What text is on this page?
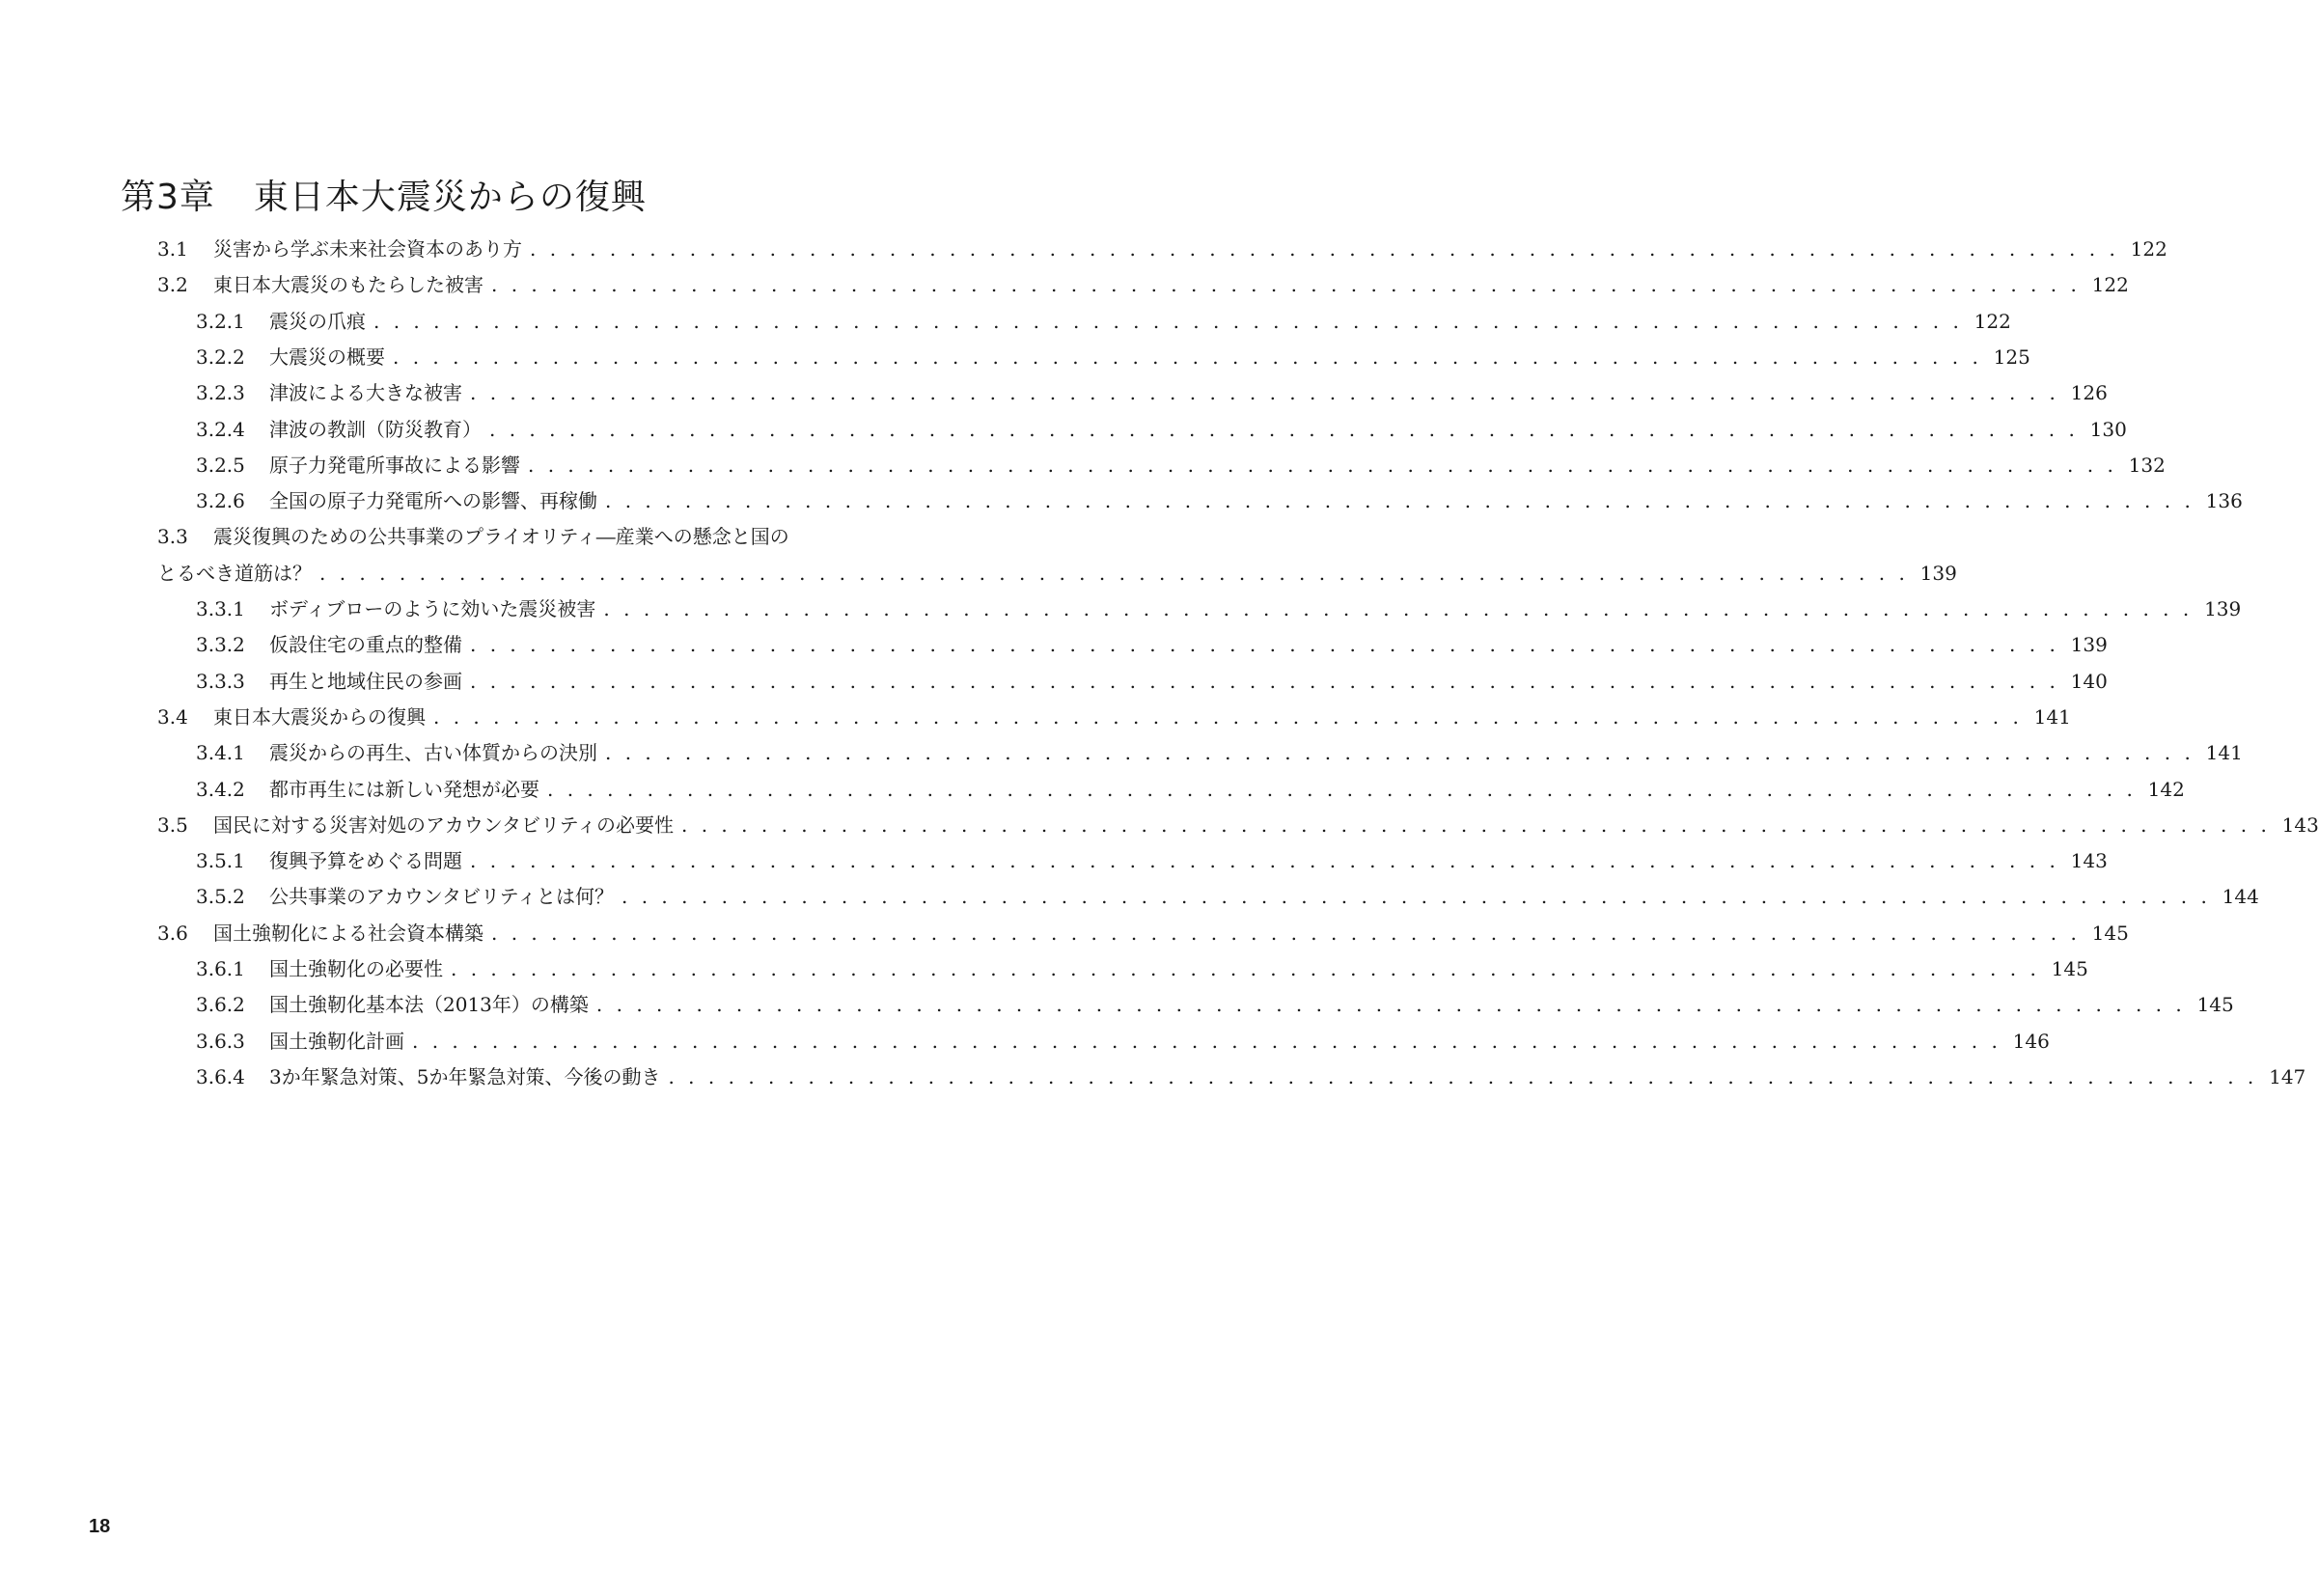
第3章 東日本大震災からの復興
3.1 災害から学ぶ未来社会資本のあり方 . . . . . . . . . . . . . . . . . . . . . . . . . . . . . . . . . . . . . . . . . . . . . . . . . . . . . . . . . . . . . . . . . . . . . . . . . . . . . . . . 122
3.2 東日本大震災のもたらした被害 . . . . . . . . . . . . . . . . . . . . . . . . . . . . . . . . . . . . . . . . . . . . . . . . . . . . . . . . . . . . . . . . . . . . . . . . . . . . . . . . 122
3.2.1 震災の爪痕 . . . . . . . . . . . . . . . . . . . . . . . . . . . . . . . . . . . . . . . . . . . . . . . . . . . . . . . . . . . . . . . . . . . . . . . . . . . . . . . . 122
3.2.2 大震災の概要 . . . . . . . . . . . . . . . . . . . . . . . . . . . . . . . . . . . . . . . . . . . . . . . . . . . . . . . . . . . . . . . . . . . . . . . . . . . . . . . . 125
3.2.3 津波による大きな被害 . . . . . . . . . . . . . . . . . . . . . . . . . . . . . . . . . . . . . . . . . . . . . . . . . . . . . . . . . . . . . . . . . . . . . . . . . . . . . . . . 126
3.2.4 津波の教訓（防災教育） . . . . . . . . . . . . . . . . . . . . . . . . . . . . . . . . . . . . . . . . . . . . . . . . . . . . . . . . . . . . . . . . . . . . . . . . . . . . . . . . 130
3.2.5 原子力発電所事故による影響 . . . . . . . . . . . . . . . . . . . . . . . . . . . . . . . . . . . . . . . . . . . . . . . . . . . . . . . . . . . . . . . . . . . . . . . . . . . . . . . . 132
3.2.6 全国の原子力発電所への影響、再稼働 . . . . . . . . . . . . . . . . . . . . . . . . . . . . . . . . . . . . . . . . . . . . . . . . . . . . . . . . . . . . . . . . . . . . . . . . . . . . . . . . 136
3.3	震災復興のための公共事業のプライオリティ―産業への懸念と国の
とるべき道筋は？ . . . . . . . . . . . . . . . . . . . . . . . . . . . . . . . . . . . . . . . . . . . . . . . . . . . . . . . . . . . . . . . . . . . . . . . . . . . . . . . . 139
3.3.1 ボディブローのように効いた震災被害 . . . . . . . . . . . . . . . . . . . . . . . . . . . . . . . . . . . . . . . . . . . . . . . . . . . . . . . . . . . . . . . . . . . . . . . . . . . . . . . . 139
3.3.2 仮設住宅の重点的整備 . . . . . . . . . . . . . . . . . . . . . . . . . . . . . . . . . . . . . . . . . . . . . . . . . . . . . . . . . . . . . . . . . . . . . . . . . . . . . . . . 139
3.3.3 再生と地域住民の参画 . . . . . . . . . . . . . . . . . . . . . . . . . . . . . . . . . . . . . . . . . . . . . . . . . . . . . . . . . . . . . . . . . . . . . . . . . . . . . . . . 140
3.4 東日本大震災からの復興 . . . . . . . . . . . . . . . . . . . . . . . . . . . . . . . . . . . . . . . . . . . . . . . . . . . . . . . . . . . . . . . . . . . . . . . . . . . . . . . . 141
3.4.1 震災からの再生、古い体質からの決別 . . . . . . . . . . . . . . . . . . . . . . . . . . . . . . . . . . . . . . . . . . . . . . . . . . . . . . . . . . . . . . . . . . . . . . . . . . . . . . . . 141
3.4.2 都市再生には新しい発想が必要 . . . . . . . . . . . . . . . . . . . . . . . . . . . . . . . . . . . . . . . . . . . . . . . . . . . . . . . . . . . . . . . . . . . . . . . . . . . . . . . . 142
3.5 国民に対する災害対処のアカウンタビリティの必要性 . . . . . . . . . . . . . . . . . . . . . . . . . . . . . . . . . . . . . . . . . . . . . . . . . . . . . . . . . . . . . . . . . . . . . . . . . . . . . . . . 143
3.5.1 復興予算をめぐる問題 . . . . . . . . . . . . . . . . . . . . . . . . . . . . . . . . . . . . . . . . . . . . . . . . . . . . . . . . . . . . . . . . . . . . . . . . . . . . . . . . 143
3.5.2 公共事業のアカウンタビリティとは何？ . . . . . . . . . . . . . . . . . . . . . . . . . . . . . . . . . . . . . . . . . . . . . . . . . . . . . . . . . . . . . . . . . . . . . . . . . . . . . . . . 144
3.6 国土強靭化による社会資本構築 . . . . . . . . . . . . . . . . . . . . . . . . . . . . . . . . . . . . . . . . . . . . . . . . . . . . . . . . . . . . . . . . . . . . . . . . . . . . . . . . 145
3.6.1 国土強靭化の必要性 . . . . . . . . . . . . . . . . . . . . . . . . . . . . . . . . . . . . . . . . . . . . . . . . . . . . . . . . . . . . . . . . . . . . . . . . . . . . . . . . 145
3.6.2 国土強靭化基本法（2013年）の構築 . . . . . . . . . . . . . . . . . . . . . . . . . . . . . . . . . . . . . . . . . . . . . . . . . . . . . . . . . . . . . . . . . . . . . . . . . . . . . . . . 145
3.6.3 国土強靭化計画 . . . . . . . . . . . . . . . . . . . . . . . . . . . . . . . . . . . . . . . . . . . . . . . . . . . . . . . . . . . . . . . . . . . . . . . . . . . . . . . . 146
3.6.4 3か年緊急対策、5か年緊急対策、今後の動き . . . . . . . . . . . . . . . . . . . . . . . . . . . . . . . . . . . . . . . . . . . . . . . . . . . . . . . . . . . . . . . . . . . . . . . . . . . . . . . . 147
18
